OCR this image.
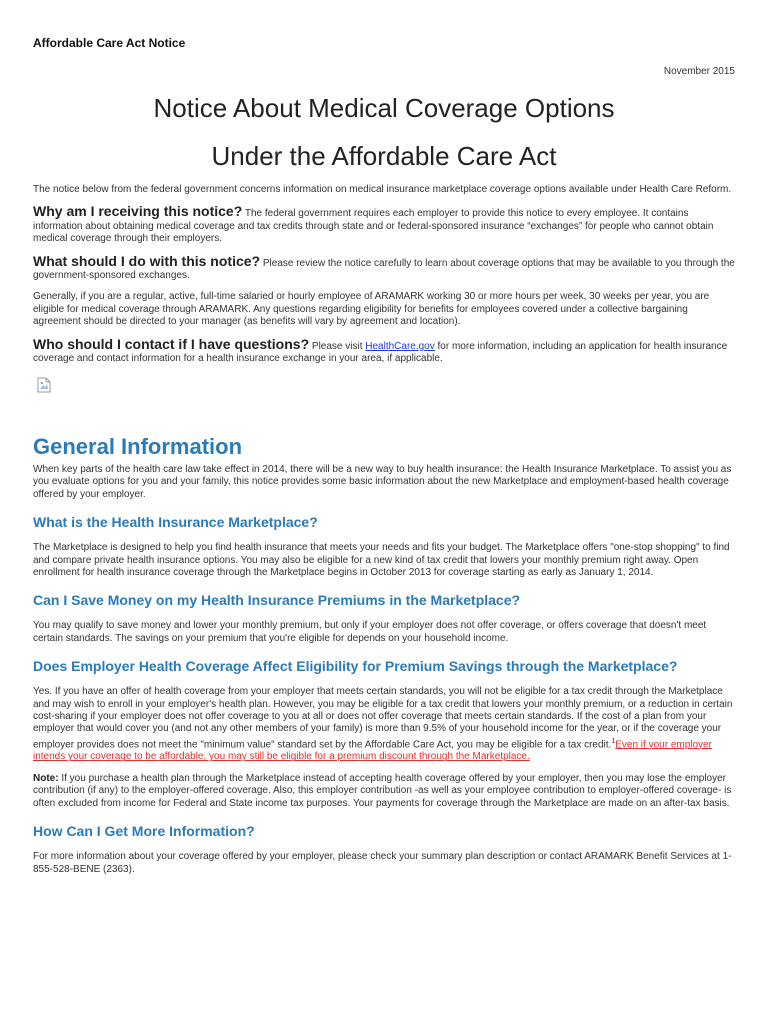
Affordable Care Act Notice
November 2015
Notice About Medical Coverage Options
Under the Affordable Care Act

The notice below from the federal government concerns information on medical insurance marketplace coverage options available under Health Care Reform.

Why am I receiving this notice? The federal government requires each employer to provide this notice to every employee. It contains information about obtaining medical coverage and tax credits through state and or federal-sponsored insurance “exchanges” for people who cannot obtain medical coverage through their employers.

What should I do with this notice? Please review the notice carefully to learn about coverage options that may be available to you through the government-sponsored exchanges.

Generally, if you are a regular, active, full-time salaried or hourly employee of ARAMARK working 30 or more hours per week, 30 weeks per year, you are eligible for medical coverage through ARAMARK. Any questions regarding eligibility for benefits for employees covered under a collective bargaining agreement should be directed to your manager (as benefits will vary by agreement and location).

Who should I contact if I have questions? Please visit HealthCare.gov for more information, including an application for health insurance coverage and contact information for a health insurance exchange in your area, if applicable.

General Information

When key parts of the health care law take effect in 2014, there will be a new way to buy health insurance: the Health Insurance Marketplace. To assist you as you evaluate options for you and your family, this notice provides some basic information about the new Marketplace and employment-based health coverage offered by your employer.

What is the Health Insurance Marketplace?

The Marketplace is designed to help you find health insurance that meets your needs and fits your budget. The Marketplace offers "one-stop shopping" to find and compare private health insurance options. You may also be eligible for a new kind of tax credit that lowers your monthly premium right away. Open enrollment for health insurance coverage through the Marketplace begins in October 2013 for coverage starting as early as January 1, 2014.

Can I Save Money on my Health Insurance Premiums in the Marketplace?

You may qualify to save money and lower your monthly premium, but only if your employer does not offer coverage, or offers coverage that doesn't meet certain standards. The savings on your premium that you're eligible for depends on your household income.

Does Employer Health Coverage Affect Eligibility for Premium Savings through the Marketplace?

Yes. If you have an offer of health coverage from your employer that meets certain standards, you will not be eligible for a tax credit through the Marketplace and may wish to enroll in your employer's health plan. However, you may be eligible for a tax credit that lowers your monthly premium, or a reduction in certain cost-sharing if your employer does not offer coverage to you at all or does not offer coverage that meets certain standards. If the cost of a plan from your employer that would cover you (and not any other members of your family) is more than 9.5% of your household income for the year, or if the coverage your employer provides does not meet the "minimum value" standard set by the Affordable Care Act, you may be eligible for a tax credit.$^1$Even if your employer intends your coverage to be affordable, you may still be eligible for a premium discount through the Marketplace.

Note: If you purchase a health plan through the Marketplace instead of accepting health coverage offered by your employer, then you may lose the employer contribution (if any) to the employer-offered coverage. Also, this employer contribution -as well as your employee contribution to employer-offered coverage- is often excluded from income for Federal and State income tax purposes. Your payments for coverage through the Marketplace are made on an after-tax basis.

How Can I Get More Information?

For more information about your coverage offered by your employer, please check your summary plan description or contact ARAMARK Benefit Services at 1-855-528-BENE (2363).
